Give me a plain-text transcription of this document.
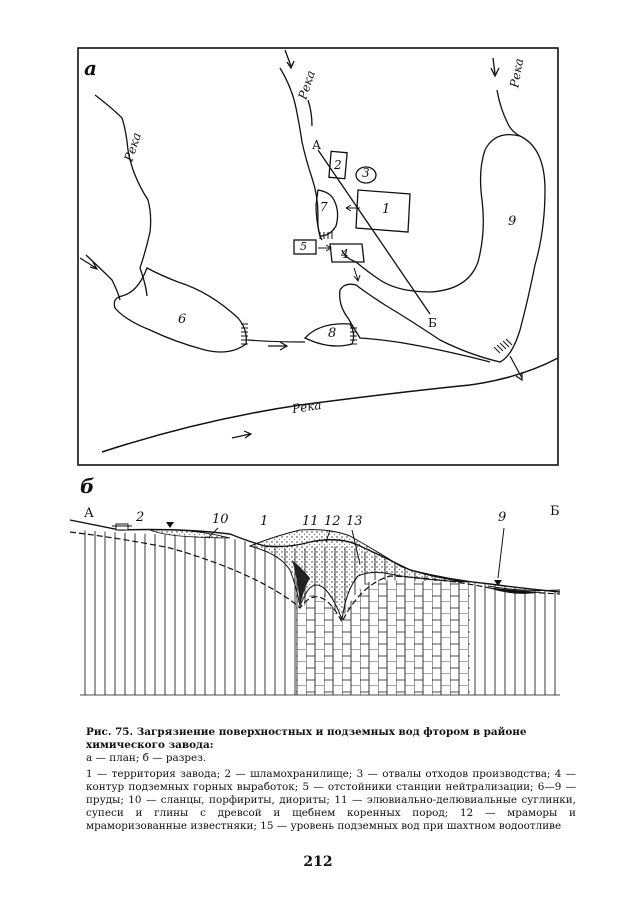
а
Река
Река	Река
Река
А
Б
1
2
3
4
5
6
7
8
9
б
А	Б
2	10 1	11 12 13	9
Рис. 75. Загрязнение поверхностных и подземных вод фтором в районе химического завода:
а — план; б — разрез.
1 — территория завода; 2 — шламохранилище; 3 — отвалы отходов производства; 4 — контур подземных горных выработок; 5 — отстойники станции нейтрализации; 6—9 — пруды; 10 — сланцы, порфириты, диориты; 11 — элювиально-делювиальные суглинки, супеси и глины с древсой и щебнем коренных пород; 12 — мраморы и мраморизованные известняки; 15 — уровень подземных вод при шахтном водоотливе
212
